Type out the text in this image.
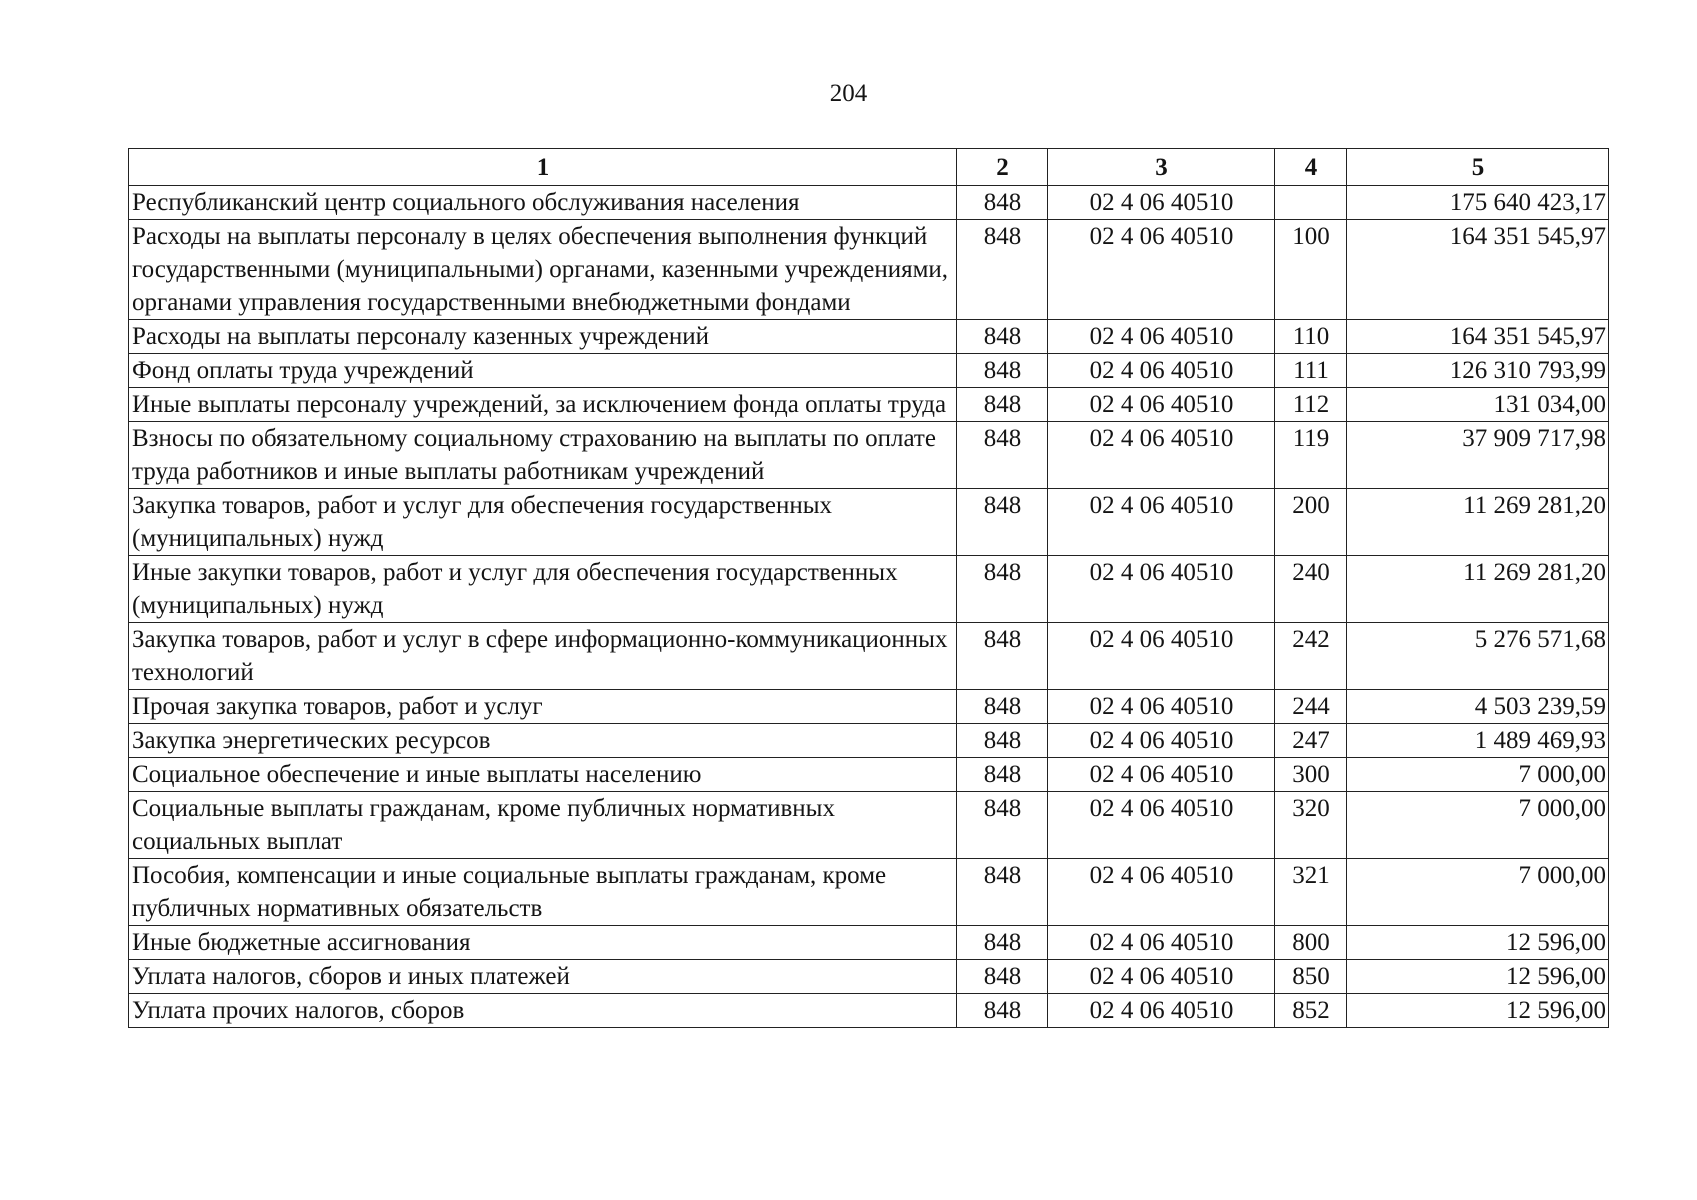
204
1	2	3	4	5
Республиканский центр социального обслуживания населения	848	02 4 06 40510		175 640 423,17
Расходы на выплаты персоналу в целях обеспечения выполнения функций государственными (муниципальными) органами, казенными учреждениями, органами управления государственными внебюджетными фондами	848	02 4 06 40510	100	164 351 545,97
Расходы на выплаты персоналу казенных учреждений	848	02 4 06 40510	110	164 351 545,97
Фонд оплаты труда учреждений	848	02 4 06 40510	111	126 310 793,99
Иные выплаты персоналу учреждений, за исключением фонда оплаты труда	848	02 4 06 40510	112	131 034,00
Взносы по обязательному социальному страхованию на выплаты по оплате труда работников и иные выплаты работникам учреждений	848	02 4 06 40510	119	37 909 717,98
Закупка товаров, работ и услуг для обеспечения государственных (муниципальных) нужд	848	02 4 06 40510	200	11 269 281,20
Иные закупки товаров, работ и услуг для обеспечения государственных (муниципальных) нужд	848	02 4 06 40510	240	11 269 281,20
Закупка товаров, работ и услуг в сфере информационно-коммуникационных технологий	848	02 4 06 40510	242	5 276 571,68
Прочая закупка товаров, работ и услуг	848	02 4 06 40510	244	4 503 239,59
Закупка энергетических ресурсов	848	02 4 06 40510	247	1 489 469,93
Социальное обеспечение и иные выплаты населению	848	02 4 06 40510	300	7 000,00
Социальные выплаты гражданам, кроме публичных нормативных социальных выплат	848	02 4 06 40510	320	7 000,00
Пособия, компенсации и иные социальные выплаты гражданам, кроме публичных нормативных обязательств	848	02 4 06 40510	321	7 000,00
Иные бюджетные ассигнования	848	02 4 06 40510	800	12 596,00
Уплата налогов, сборов и иных платежей	848	02 4 06 40510	850	12 596,00
Уплата прочих налогов, сборов	848	02 4 06 40510	852	12 596,00
